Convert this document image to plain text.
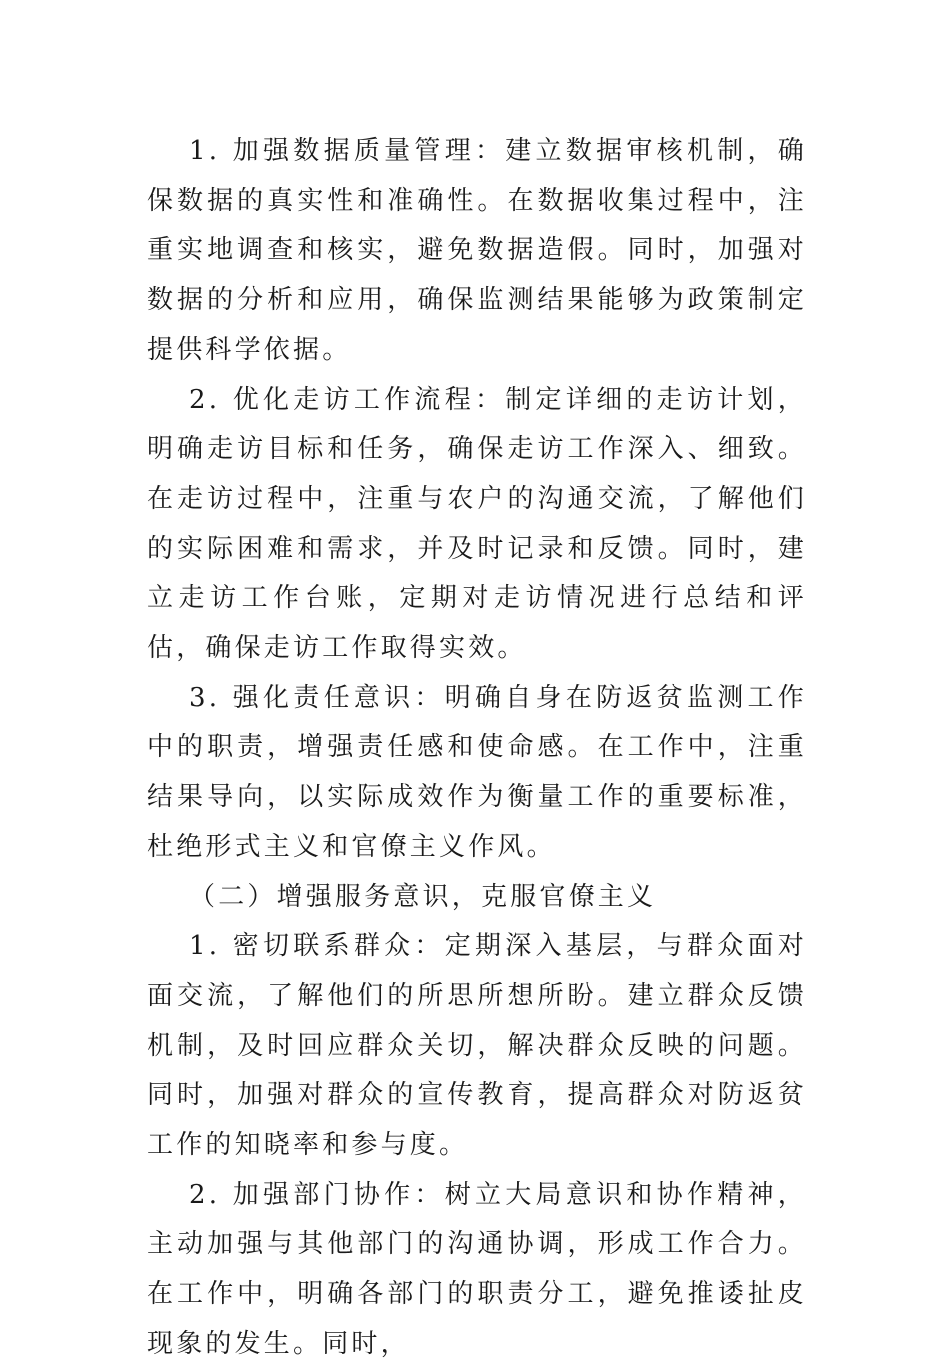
1. 加强数据质量管理：建立数据审核机制，确保数据的真实性和准确性。在数据收集过程中，注重实地调查和核实，避免数据造假。同时，加强对数据的分析和应用，确保监测结果能够为政策制定提供科学依据。

2. 优化走访工作流程：制定详细的走访计划，明确走访目标和任务，确保走访工作深入、细致。在走访过程中，注重与农户的沟通交流，了解他们的实际困难和需求，并及时记录和反馈。同时，建立走访工作台账，定期对走访情况进行总结和评估，确保走访工作取得实效。

3. 强化责任意识：明确自身在防返贫监测工作中的职责，增强责任感和使命感。在工作中，注重结果导向，以实际成效作为衡量工作的重要标准，杜绝形式主义和官僚主义作风。

（二）增强服务意识，克服官僚主义

1. 密切联系群众：定期深入基层，与群众面对面交流，了解他们的所思所想所盼。建立群众反馈机制，及时回应群众关切，解决群众反映的问题。同时，加强对群众的宣传教育，提高群众对防返贫工作的知晓率和参与度。

2. 加强部门协作：树立大局意识和协作精神，主动加强与其他部门的沟通协调，形成工作合力。在工作中，明确各部门的职责分工，避免推诿扯皮现象的发生。同时，
